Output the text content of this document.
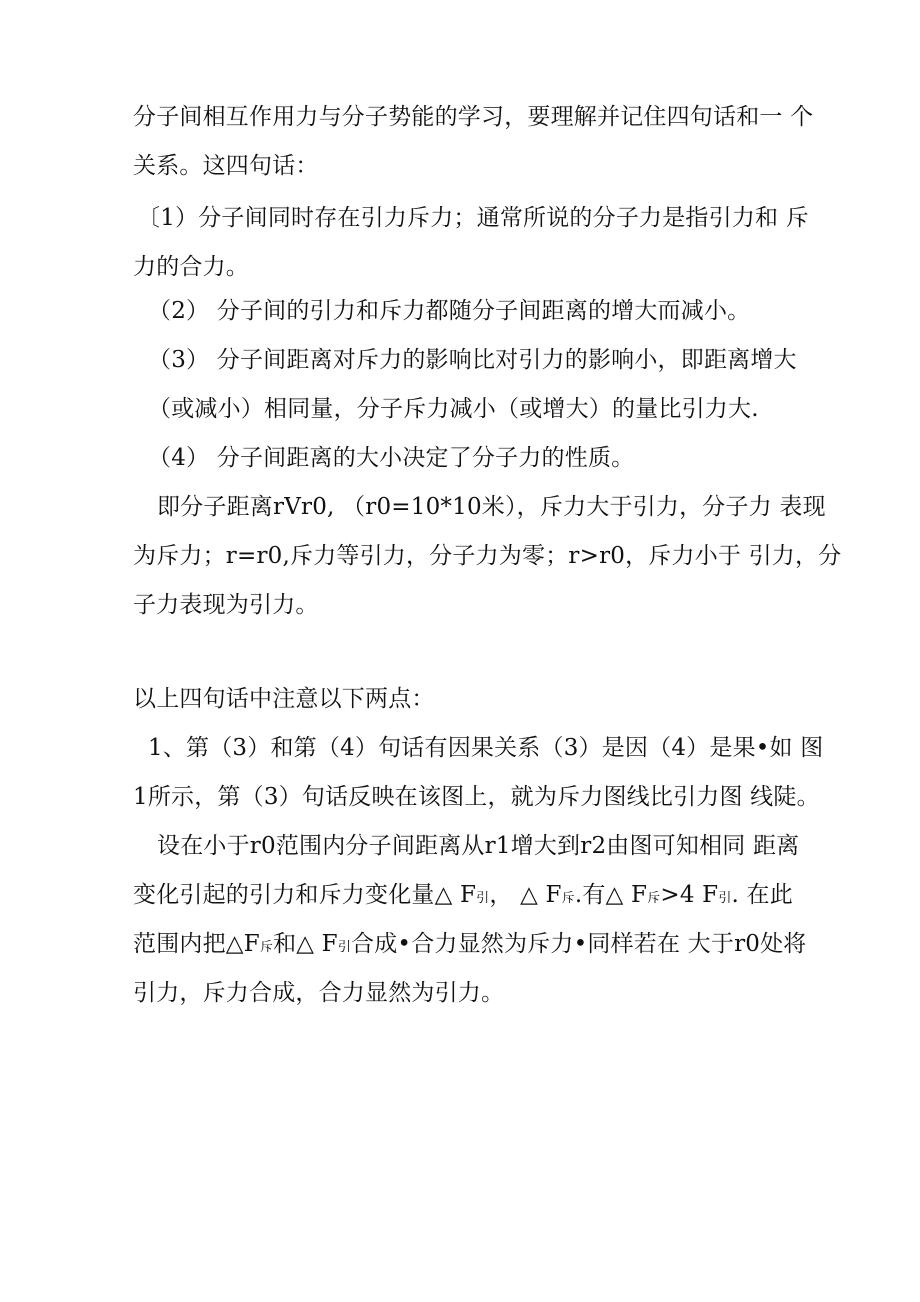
分子间相互作用力与分子势能的学习，要理解并记住四句话和一 个
关系。这四句话：
〔1）分子间同时存在引力斥力；通常所说的分子力是指引力和 斥
力的合力。
（2） 分子间的引力和斥力都随分子间距离的增大而减小。
（3） 分子间距离对斥力的影响比对引力的影响小，即距离增大
（或减小）相同量，分子斥力减小（或增大）的量比引力大.
（4） 分子间距离的大小决定了分子力的性质。
即分子距离rVr0, （r0=10*10米），斥力大于引力，分子力 表现
为斥力；r=r0,斥力等引力，分子力为零；r>r0，斥力小于 引力，分
子力表现为引力。
以上四句话中注意以下两点：
1、第（3）和第（4）句话有因果关系（3）是因（4）是果•如 图
1所示，第（3）句话反映在该图上，就为斥力图线比引力图 线陡。
设在小于r0范围内分子间距离从r1增大到r2由图可知相同 距离
变化引起的引力和斥力变化量△ F引， △ F斥.有△ F斥>4 F引. 在此
范围内把△F斥和△ F引合成•合力显然为斥力•同样若在 大于r0处将
引力，斥力合成，合力显然为引力。
